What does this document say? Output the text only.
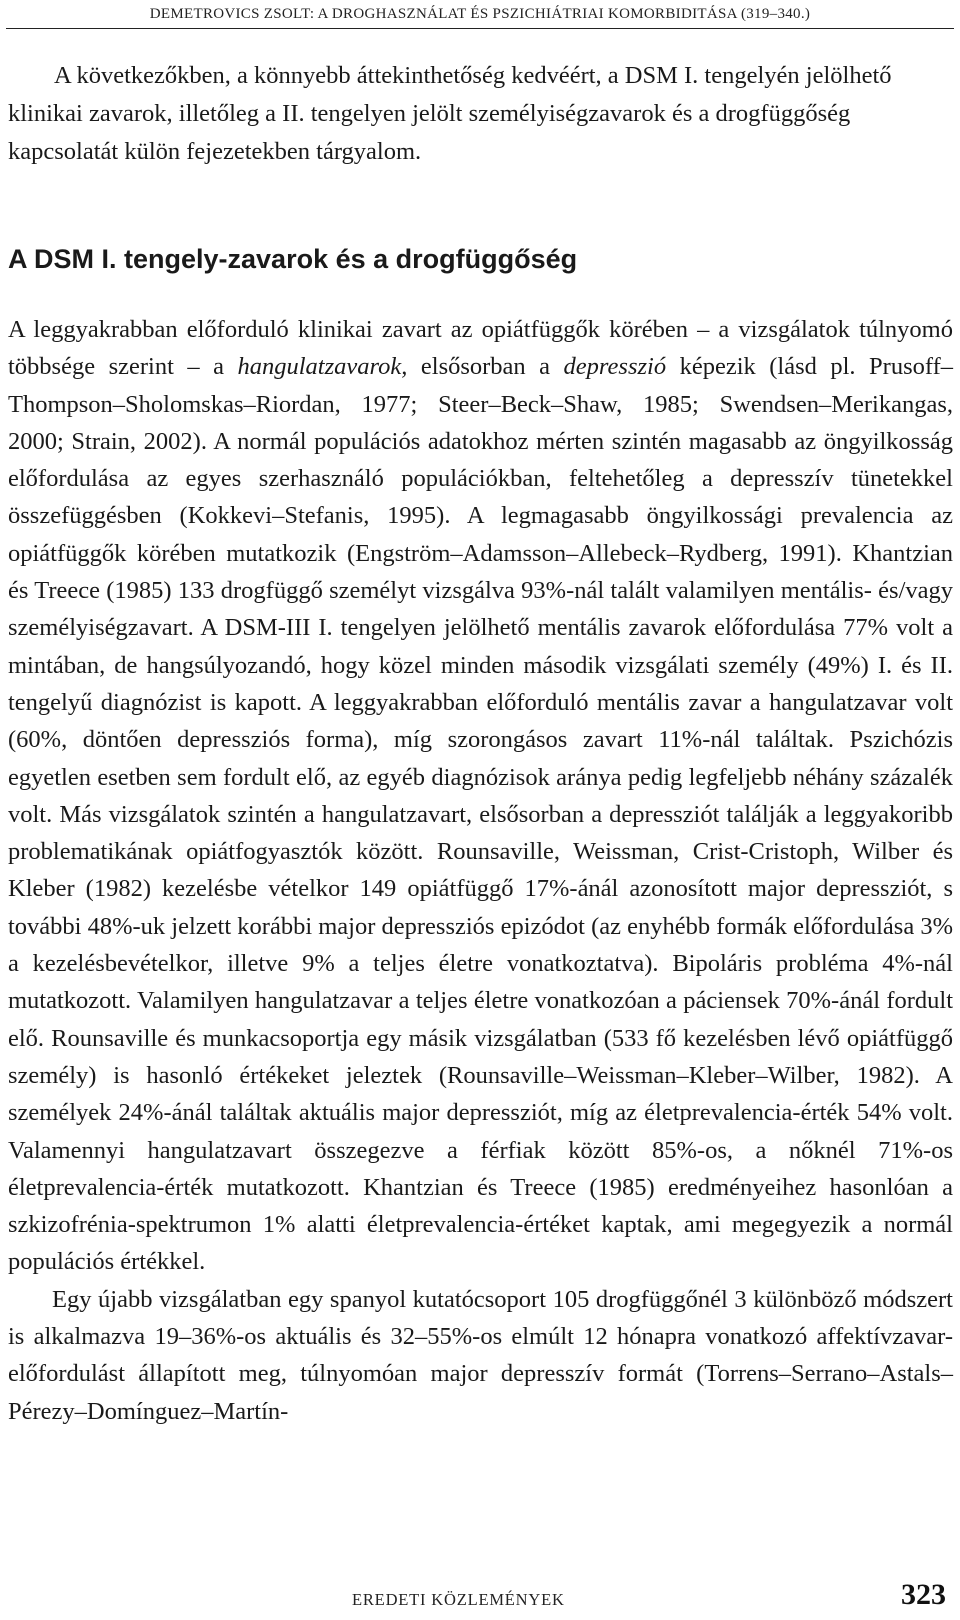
DEMETROVICS ZSOLT: A DROGHASZNÁLAT ÉS PSZICHIÁTRIAI KOMORBIDITÁSA (319–340.)

A következőkben, a könnyebb áttekinthetőség kedvéért, a DSM I. tengelyén jelölhető klinikai zavarok, illetőleg a II. tengelyen jelölt személyiségzavarok és a drogfüggőség kapcsolatát külön fejezetekben tárgyalom.

A DSM I. tengely-zavarok és a drogfüggőség

A leggyakrabban előforduló klinikai zavart az opiátfüggők körében – a vizsgálatok túlnyomó többsége szerint – a hangulatzavarok, elsősorban a depresszió képezik (lásd pl. Prusoff–Thompson–Sholomskas–Riordan, 1977; Steer–Beck–Shaw, 1985; Swendsen–Merikangas, 2000; Strain, 2002). A normál populációs adatokhoz mérten szintén magasabb az öngyilkosság előfordulása az egyes szerhasználó populációkban, feltehetőleg a depresszív tünetekkel összefüggésben (Kokkevi–Stefanis, 1995). A legmagasabb öngyilkossági prevalencia az opiátfüggők körében mutatkozik (Engström–Adamsson–Allebeck–Rydberg, 1991). Khantzian és Treece (1985) 133 drogfüggő személyt vizsgálva 93%-nál talált valamilyen mentális- és/vagy személyiségzavart. A DSM-III I. tengelyen jelölhető mentális zavarok előfordulása 77% volt a mintában, de hangsúlyozandó, hogy közel minden második vizsgálati személy (49%) I. és II. tengelyű diagnózist is kapott. A leggyakrabban előforduló mentális zavar a hangulatzavar volt (60%, döntően depressziós forma), míg szorongásos zavart 11%-nál találtak. Pszichózis egyetlen esetben sem fordult elő, az egyéb diagnózisok aránya pedig legfeljebb néhány százalék volt. Más vizsgálatok szintén a hangulatzavart, elsősorban a depressziót találják a leggyakoribb problematikának opiátfogyasztók között. Rounsaville, Weissman, Crist-Cristoph, Wilber és Kleber (1982) kezelésbe vételkor 149 opiátfüggő 17%-ánál azonosított major depressziót, s további 48%-uk jelzett korábbi major depressziós epizódot (az enyhébb formák előfordulása 3% a kezelésbevételkor, illetve 9% a teljes életre vonatkoztatva). Bipoláris probléma 4%-nál mutatkozott. Valamilyen hangulatzavar a teljes életre vonatkozóan a páciensek 70%-ánál fordult elő. Rounsaville és munkacsoportja egy másik vizsgálatban (533 fő kezelésben lévő opiátfüggő személy) is hasonló értékeket jeleztek (Rounsaville–Weissman–Kleber–Wilber, 1982). A személyek 24%-ánál találtak aktuális major depressziót, míg az életprevalencia-érték 54% volt. Valamennyi hangulatzavart összegezve a férfiak között 85%-os, a nőknél 71%-os életprevalencia-érték mutatkozott. Khantzian és Treece (1985) eredményeihez hasonlóan a szkizofrénia-spektrumon 1% alatti életprevalencia-értéket kaptak, ami megegyezik a normál populációs értékkel.

Egy újabb vizsgálatban egy spanyol kutatócsoport 105 drogfüggőnél 3 különböző módszert is alkalmazva 19–36%-os aktuális és 32–55%-os elmúlt 12 hónapra vonatkozó affektívzavar-előfordulást állapított meg, túlnyomóan major depresszív formát (Torrens–Serrano–Astals–Pérezy–Domínguez–Martín-

EREDETI KÖZLEMÉNYEK	323
